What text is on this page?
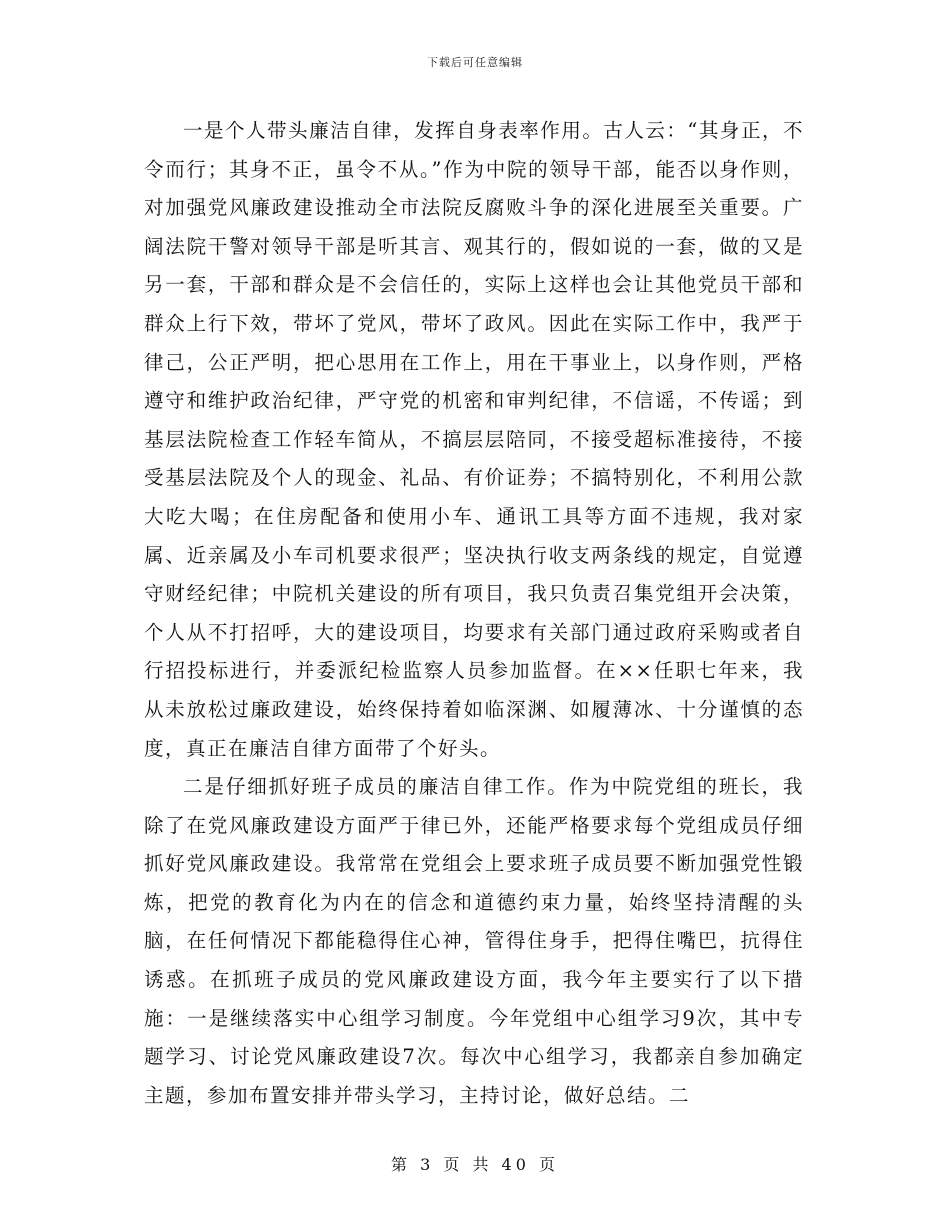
下载后可任意编辑

一是个人带头廉洁自律，发挥自身表率作用。古人云：“其身正，不令而行；其身不正，虽令不从。”作为中院的领导干部，能否以身作则，对加强党风廉政建设推动全市法院反腐败斗争的深化进展至关重要。广阔法院干警对领导干部是听其言、观其行的，假如说的一套，做的又是另一套，干部和群众是不会信任的，实际上这样也会让其他党员干部和群众上行下效，带坏了党风，带坏了政风。因此在实际工作中，我严于律己，公正严明，把心思用在工作上，用在干事业上，以身作则，严格遵守和维护政治纪律，严守党的机密和审判纪律，不信谣，不传谣；到基层法院检查工作轻车简从，不搞层层陪同，不接受超标准接待，不接受基层法院及个人的现金、礼品、有价证券；不搞特别化，不利用公款大吃大喝；在住房配备和使用小车、通讯工具等方面不违规，我对家属、近亲属及小车司机要求很严；坚决执行收支两条线的规定，自觉遵守财经纪律；中院机关建设的所有项目，我只负责召集党组开会决策，个人从不打招呼，大的建设项目，均要求有关部门通过政府采购或者自行招投标进行，并委派纪检监察人员参加监督。在××任职七年来，我从未放松过廉政建设，始终保持着如临深渊、如履薄冰、十分谨慎的态度，真正在廉洁自律方面带了个好头。

二是仔细抓好班子成员的廉洁自律工作。作为中院党组的班长，我除了在党风廉政建设方面严于律已外，还能严格要求每个党组成员仔细抓好党风廉政建设。我常常在党组会上要求班子成员要不断加强党性锻炼，把党的教育化为内在的信念和道德约束力量，始终坚持清醒的头脑，在任何情况下都能稳得住心神，管得住身手，把得住嘴巴，抗得住诱惑。在抓班子成员的党风廉政建设方面，我今年主要实行了以下措施：一是继续落实中心组学习制度。今年党组中心组学习9次，其中专题学习、讨论党风廉政建设7次。每次中心组学习，我都亲自参加确定主题，参加布置安排并带头学习，主持讨论，做好总结。二

第 3 页 共 40 页
